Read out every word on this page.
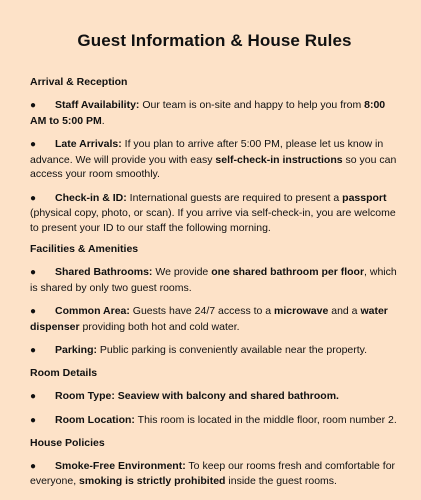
Guest Information & House Rules

Arrival & Reception

● Staff Availability: Our team is on-site and happy to help you from 8:00 AM to 5:00 PM.

● Late Arrivals: If you plan to arrive after 5:00 PM, please let us know in advance. We will provide you with easy self-check-in instructions so you can access your room smoothly.

● Check-in & ID: International guests are required to present a passport (physical copy, photo, or scan). If you arrive via self-check-in, you are welcome to present your ID to our staff the following morning.

Facilities & Amenities

● Shared Bathrooms: We provide one shared bathroom per floor, which is shared by only two guest rooms.

● Common Area: Guests have 24/7 access to a microwave and a water dispenser providing both hot and cold water.

● Parking: Public parking is conveniently available near the property.

Room Details

● Room Type: Seaview with balcony and shared bathroom.

● Room Location: This room is located in the middle floor, room number 2.

House Policies

● Smoke-Free Environment: To keep our rooms fresh and comfortable for everyone, smoking is strictly prohibited inside the guest rooms.
